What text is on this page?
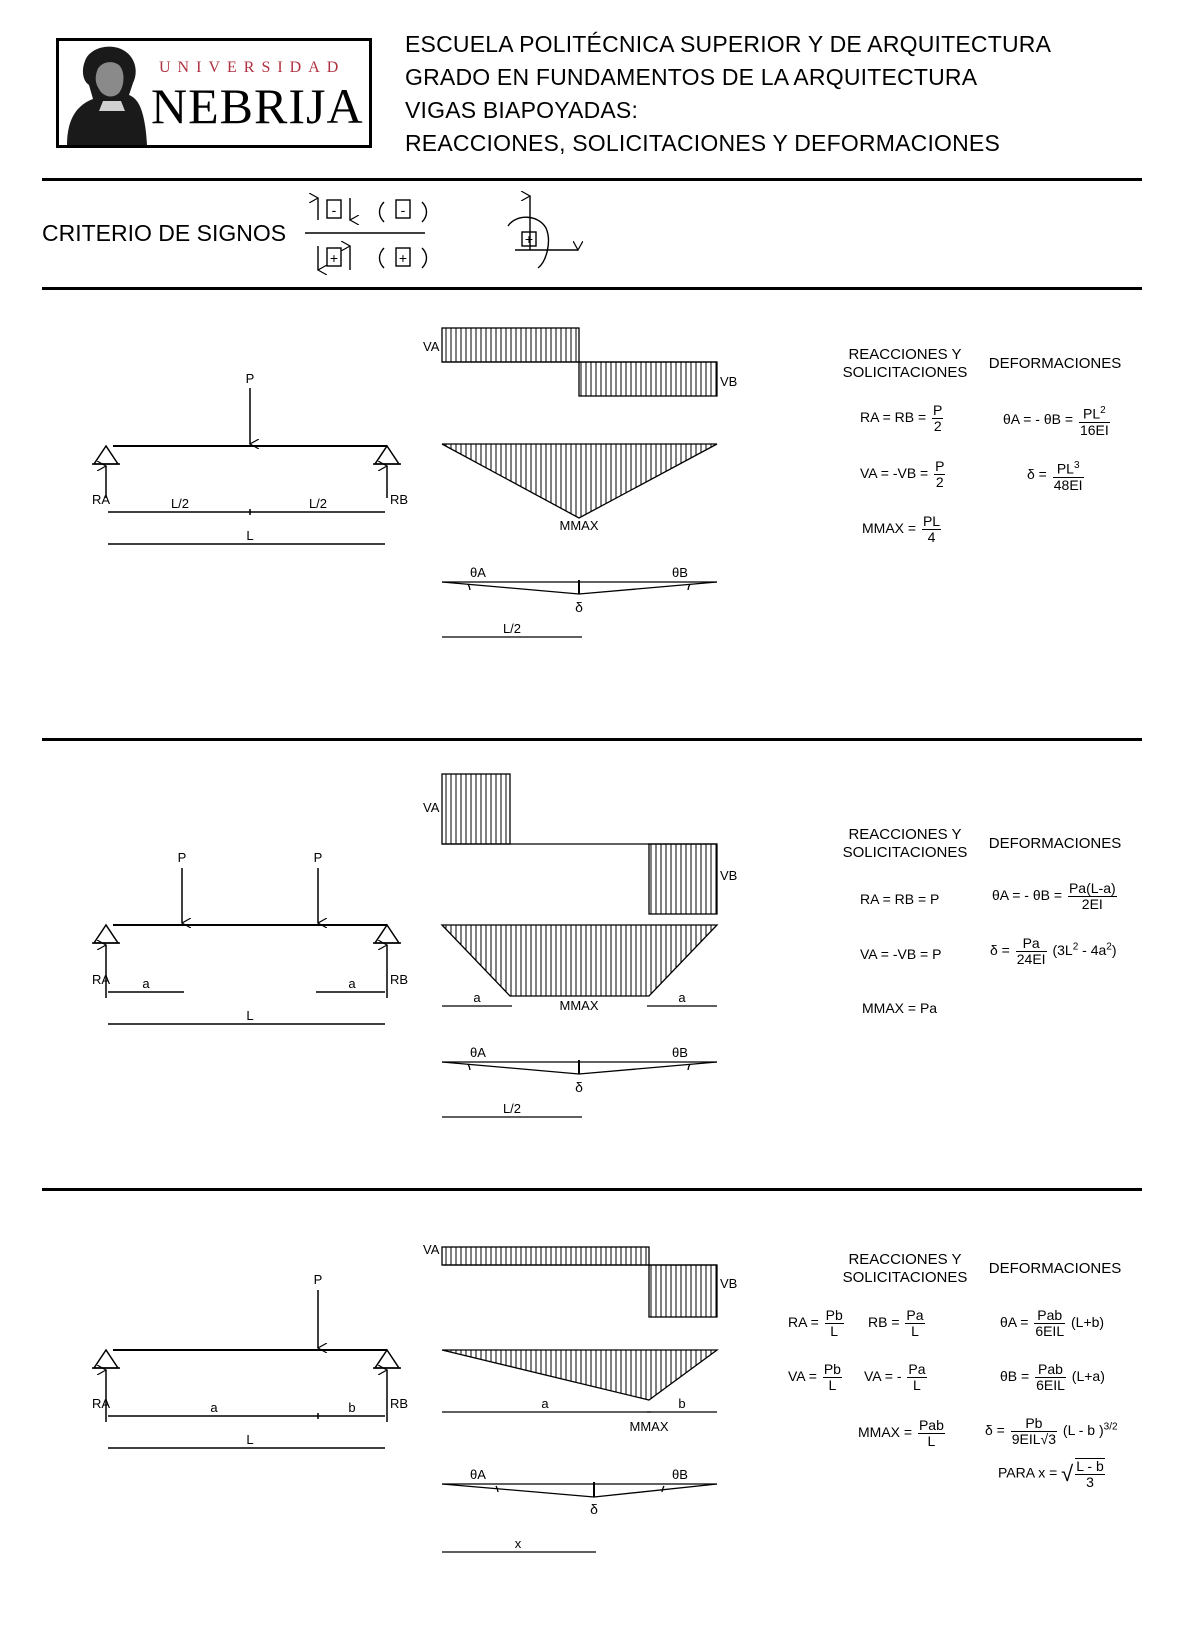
UNIVERSIDAD
NEBRIJA
ESCUELA POLITÉCNICA SUPERIOR Y DE ARQUITECTURA
GRADO EN FUNDAMENTOS DE LA ARQUITECTURA
VIGAS BIAPOYADAS:
REACCIONES, SOLICITACIONES Y DEFORMACIONES
CRITERIO DE SIGNOS
-	-
+	+
+
P
RA	RB
L/2	L/2
L
VA
VB
MMAX
θA	θB
δ
L/2
P	P
RA	RB
a	a
L
VA
VB
a	a
MMAX
θA	θB
δ
L/2
P
RA	RB
a	b
L
VA
VB
a	b
MMAX
θA	θB
δ
x
REACCIONES Y
SOLICITACIONES
DEFORMACIONES
RA = RB = $\frac{P}{2}$
VA = $-VB = \frac{P}{2}$
MMAX = $\frac{PL}{4}$
θA = - $\theta B = \frac{PL^2}{16EI}$
$\delta = \frac{PL^3}{48EI}$
REACCIONES Y
SOLICITACIONES
DEFORMACIONES
RA = RB = P
VA = -VB = P
MMAX = Pa
θA = - $\theta B = \frac{Pa(L-a)}{2EI}$
$\delta = \frac{Pa}{24EI} (3L^2 - 4a^2)$
REACCIONES Y
SOLICITACIONES
DEFORMACIONES
RA = $\frac{Pb}{L}$ RB = $\frac{Pa}{L}$
VA = $\frac{Pb}{L}$ VA = - $\frac{Pa}{L}$
MMAX = $\frac{\text{Pab}}{L}$
$\theta A = \frac{\text{Pab}}{\text{6EIL}} (L+b)$
$\theta B = \frac{\text{Pab}}{\text{6EIL}} (L+a)$
$\delta = \frac{Pb}{\text{9EIL√3}} (L - b$ )$^{3/2}$
PARA x = √ $\frac{L - b}{3}$
